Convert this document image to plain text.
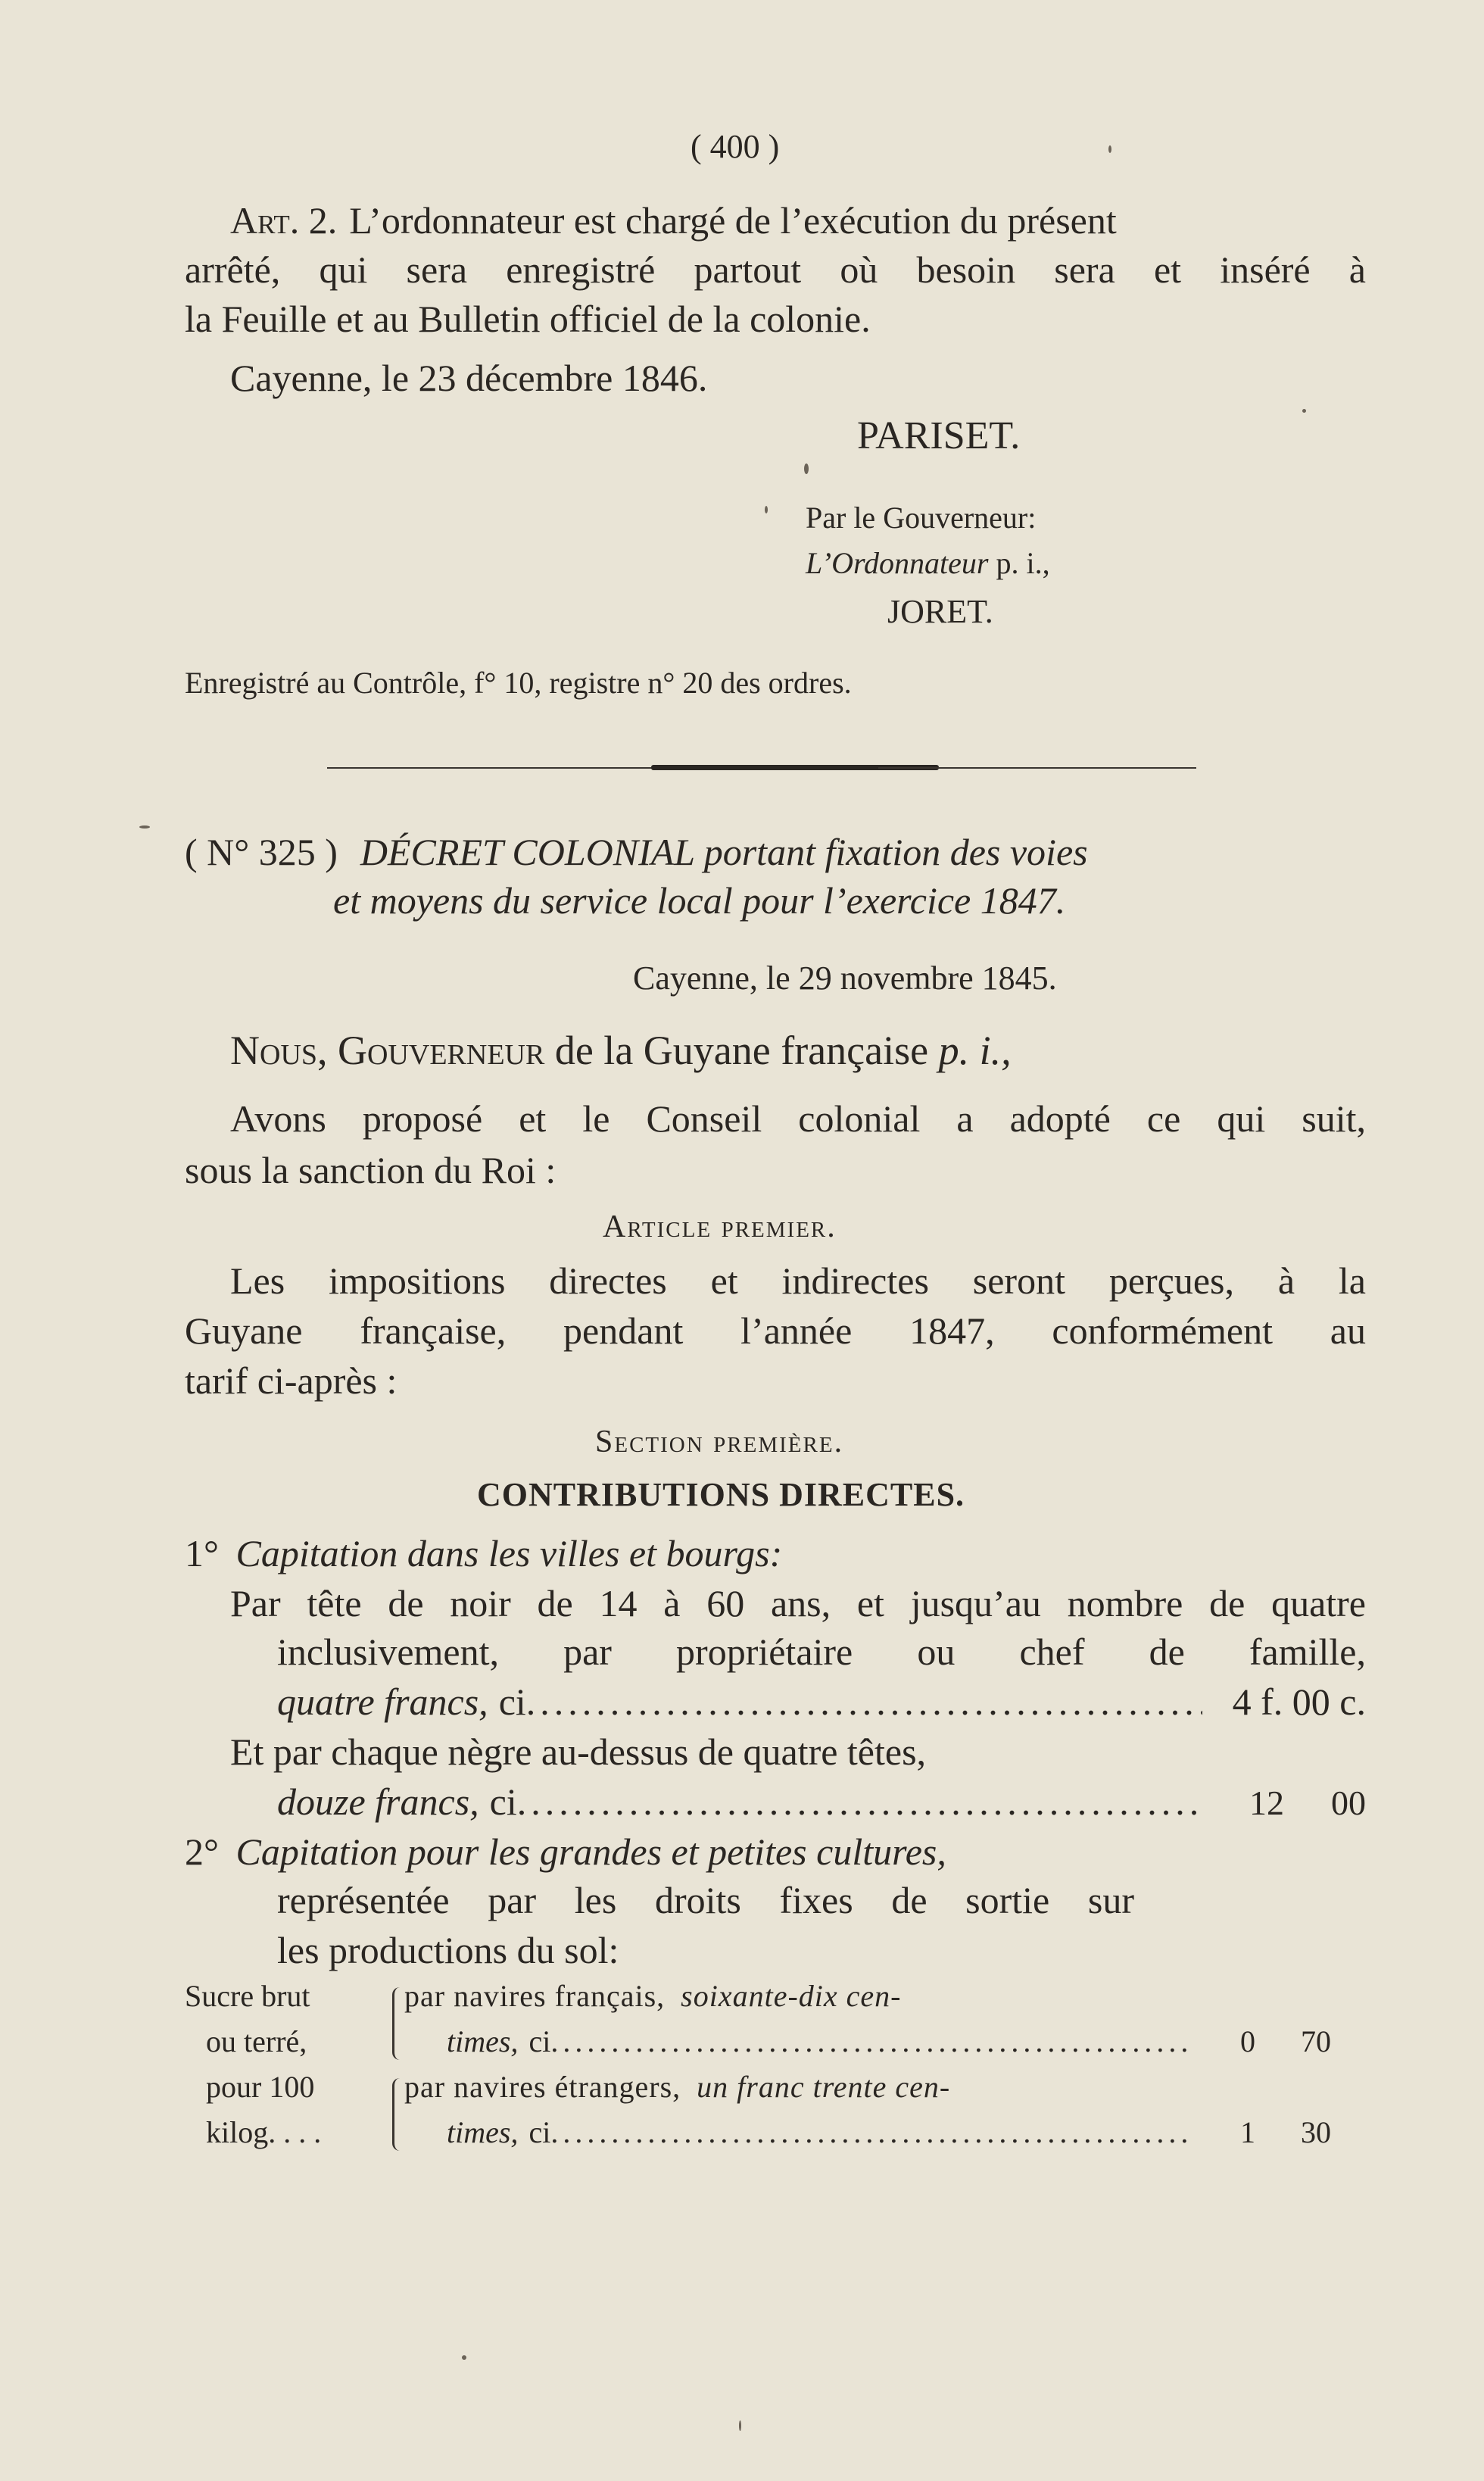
( 400 )
Art. 2. L’ordonnateur est chargé de l’exécution du présent
arrêté, qui sera enregistré partout où besoin sera et inséré à
la Feuille et au Bulletin officiel de la colonie.
Cayenne, le 23 décembre 1846.
PARISET.
Par le Gouverneur:
L’Ordonnateur p. i.,
JORET.
Enregistré au Contrôle, f° 10, registre n° 20 des ordres.
( N° 325 ) DÉCRET COLONIAL portant fixation des voies
et moyens du service local pour l’exercice 1847.
Cayenne, le 29 novembre 1845.
Nous, Gouverneur de la Guyane française p. i.,
Avons proposé et le Conseil colonial a adopté ce qui suit,
sous la sanction du Roi :
Article premier.
Les impositions directes et indirectes seront perçues, à la
Guyane française, pendant l’année 1847, conformément au
tarif ci-après :
Section première.
CONTRIBUTIONS DIRECTES.
1° Capitation dans les villes et bourgs:
Par tête de noir de 14 à 60 ans, et jusqu’au nombre de quatre
inclusivement, par propriétaire ou chef de famille,
quatre francs, ci .....	4 f. 00 c.
Et par chaque nègre au-dessus de quatre têtes,
douze francs, ci .....	12 00
2° Capitation pour les grandes et petites cultures,
représentée par les droits fixes de sortie sur
les productions du sol:
Sucre brut
ou terré,
pour 100
kilog. . . .
par navires français, soixante-dix cen-
times, ci .....	0 70
par navires étrangers, un franc trente cen-
times, ci .....	1 30
